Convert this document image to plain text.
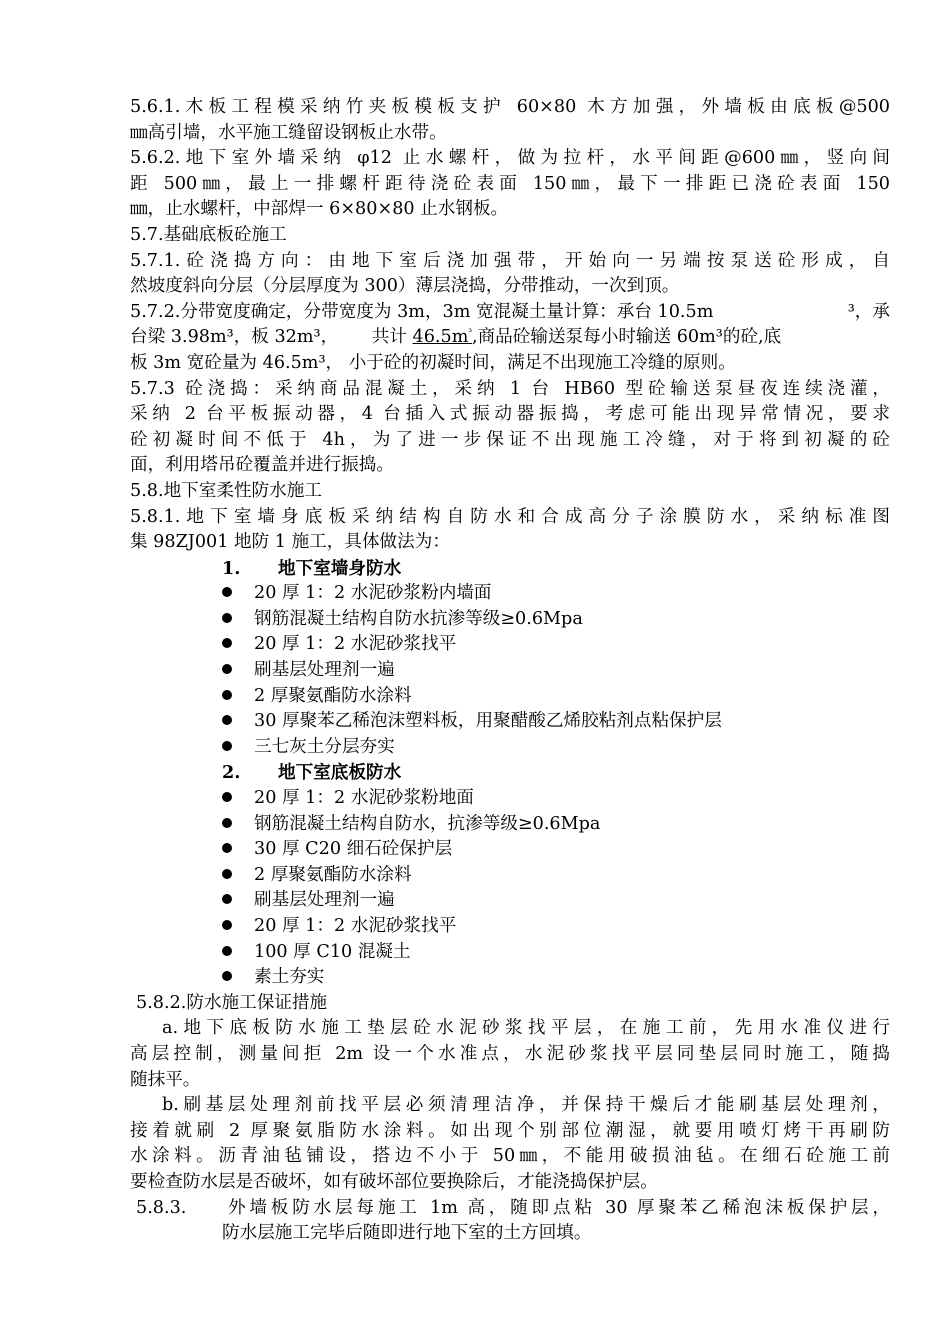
5.6.1.木板工程模采纳竹夹板模板支护 60×80 木方加强，外墙板由底板@500
㎜高引墙，水平施工缝留设钢板止水带。
5.6.2.地下室外墙采纳 φ12 止水螺杆，做为拉杆，水平间距@600㎜，竖向间
距 500㎜，最上一排螺杆距待浇砼表面 150㎜，最下一排距已浇砼表面 150
㎜，止水螺杆，中部焊一 6×80×80 止水钢板。
5.7.基础底板砼施工
5.7.1.砼浇捣方向：由地下室后浇加强带，开始向一另端按泵送砼形成，自
然坡度斜向分层（分层厚度为 300）薄层浇捣，分带推动，一次到顶。
5.7.2.分带宽度确定，分带宽度为 3m，3m 宽混凝土量计算：承台 10.5m	³，承
台梁 3.98m³，板 32m³，      共计 $46.5m^{^3}$,商品砼输送泵每小时输送 60m³的砼,底
板 3m 宽砼量为 46.5m³， 小于砼的初凝时间，满足不出现施工冷缝的原则。
5.7.3 砼浇捣：采纳商品混凝土，采纳 1 台 HB60 型砼输送泵昼夜连续浇灌，
采纳 2 台平板振动器，4 台插入式振动器振捣，考虑可能出现异常情况，要求
砼初凝时间不低于 4h，为了进一步保证不出现施工冷缝，对于将到初凝的砼
面，利用塔吊砼覆盖并进行振捣。
5.8.地下室柔性防水施工
5.8.1.地下室墙身底板采纳结构自防水和合成高分子涂膜防水，采纳标准图
集 98ZJ001 地防 1 施工，具体做法为：
1. 地下室墙身防水
20 厚 1：2 水泥砂浆粉内墙面
钢筋混凝土结构自防水抗渗等级≥0.6Mpa
20 厚 1：2 水泥砂浆找平
刷基层处理剂一遍
2 厚聚氨酯防水涂料
30 厚聚苯乙稀泡沫塑料板，用聚醋酸乙烯胶粘剂点粘保护层
三七灰土分层夯实
2. 地下室底板防水
20 厚 1：2 水泥砂浆粉地面
钢筋混凝土结构自防水，抗渗等级≥0.6Mpa
30 厚 C20 细石砼保护层
2 厚聚氨酯防水涂料
刷基层处理剂一遍
20 厚 1：2 水泥砂浆找平
100 厚 C10 混凝土
素土夯实
5.8.2.防水施工保证措施
a.地下底板防水施工垫层砼水泥砂浆找平层，在施工前，先用水准仪进行
高层控制，测量间拒 2m 设一个水准点，水泥砂浆找平层同垫层同时施工，随捣
随抹平。
b.刷基层处理剂前找平层必须清理洁净，并保持干燥后才能刷基层处理剂，
接着就刷 2 厚聚氨脂防水涂料。如出现个别部位潮湿，就要用喷灯烤干再刷防
水涂料。沥青油毡铺设，搭边不小于 50㎜，不能用破损油毡。在细石砼施工前
要检查防水层是否破坏，如有破坏部位要换除后，才能浇捣保护层。
5.8.3.	外墙板防水层每施工 1m 高，随即点粘 30 厚聚苯乙稀泡沫板保护层，
防水层施工完毕后随即进行地下室的土方回填。
